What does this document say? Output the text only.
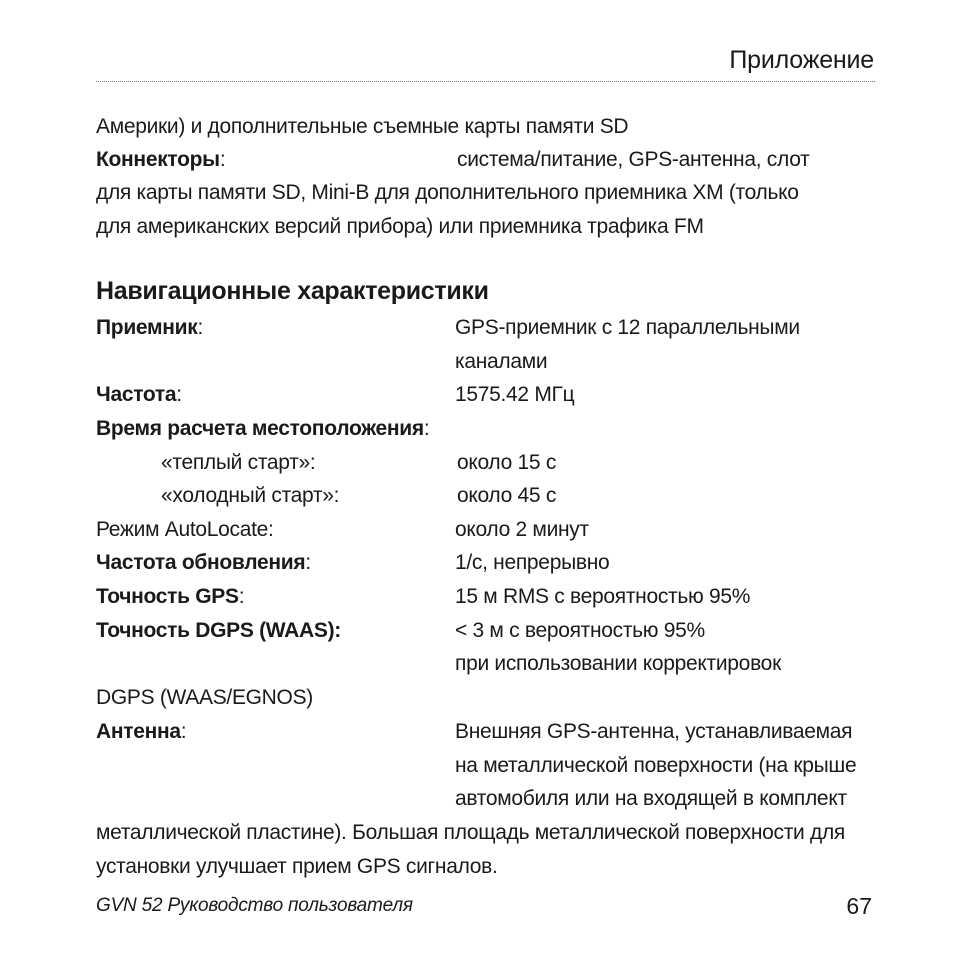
Приложение
Америки) и дополнительные съемные карты памяти SD
Коннекторы:	система/питание, GPS-антенна, слот
для карты памяти SD, Mini-B для дополнительного приемника XM (только
для американских версий прибора) или приемника трафика FM
Навигационные характеристики
Приемник:	GPS-приемник с 12 параллельными
каналами
Частота:	1575.42 МГц
Время расчета местоположения:
«теплый старт»:	около 15 с
«холодный старт»:	около 45 с
Режим AutoLocate:	около 2 минут
Частота обновления:	1/с, непрерывно
Точность GPS:	15 м RMS с вероятностью 95%
Точность DGPS (WAAS):	< 3 м с вероятностью 95%
при использовании корректировок
DGPS (WAAS/EGNOS)
Антенна:	Внешняя GPS-антенна, устанавливаемая
на металлической поверхности (на крыше
автомобиля или на входящей в комплект
металлической пластине). Большая площадь металлической поверхности для
установки улучшает прием GPS сигналов.
GVN 52 Руководство пользователя	67
